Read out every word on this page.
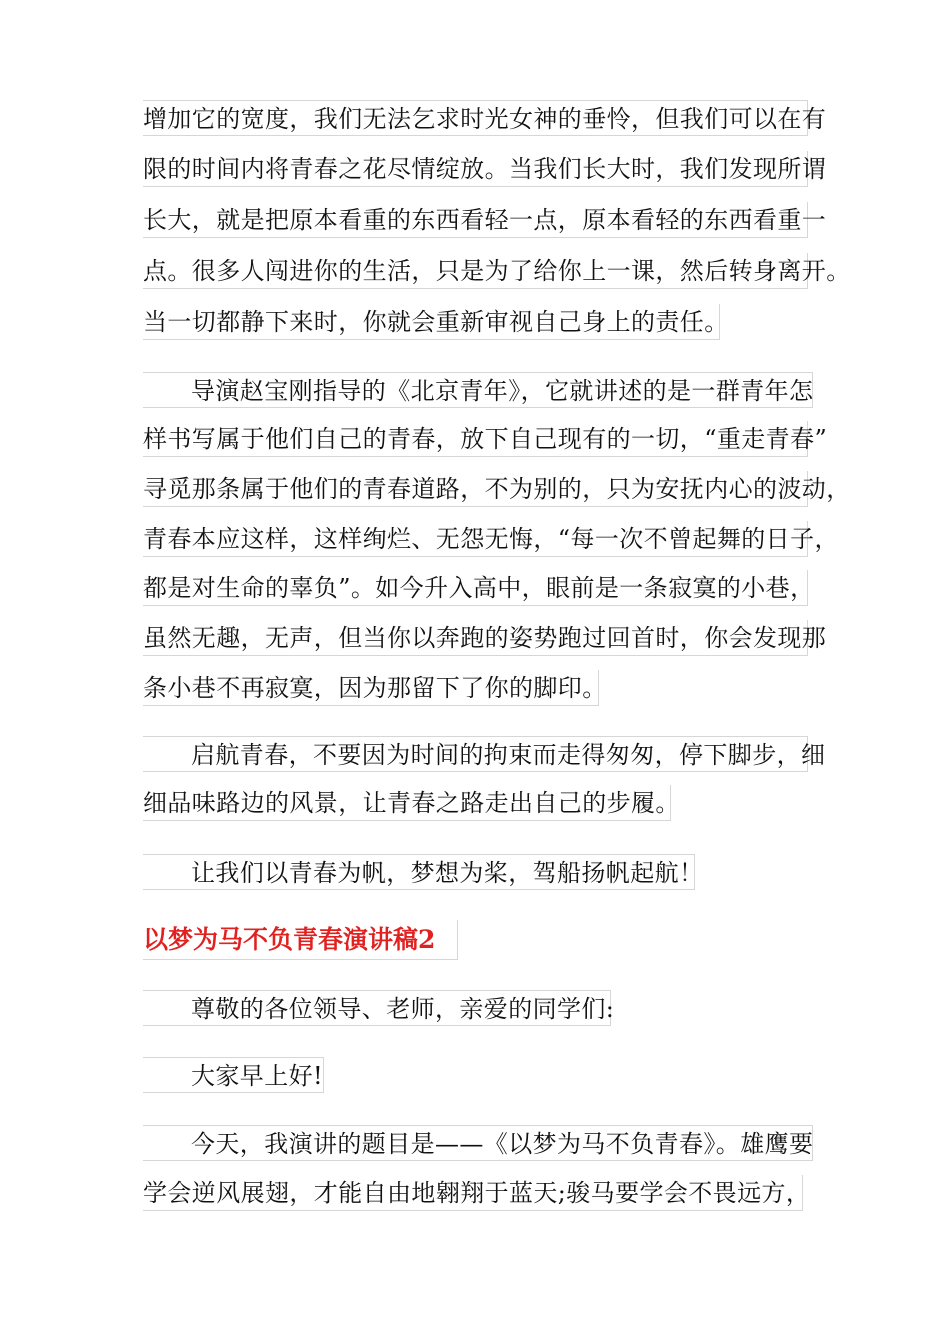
增加它的宽度，我们无法乞求时光女神的垂怜，但我们可以在有
限的时间内将青春之花尽情绽放。当我们长大时，我们发现所谓
长大，就是把原本看重的东西看轻一点，原本看轻的东西看重一
点。很多人闯进你的生活，只是为了给你上一课，然后转身离开。
当一切都静下来时，你就会重新审视自己身上的责任。
导演赵宝刚指导的《北京青年》，它就讲述的是一群青年怎
样书写属于他们自己的青春，放下自己现有的一切，“重走青春”
寻觅那条属于他们的青春道路，不为别的，只为安抚内心的波动，
青春本应这样，这样绚烂、无怨无悔，“每一次不曾起舞的日子，
都是对生命的辜负”。如今升入高中，眼前是一条寂寞的小巷，
虽然无趣，无声，但当你以奔跑的姿势跑过回首时，你会发现那
条小巷不再寂寞，因为那留下了你的脚印。
启航青春，不要因为时间的拘束而走得匆匆，停下脚步，细
细品味路边的风景，让青春之路走出自己的步履。
让我们以青春为帆，梦想为桨，驾船扬帆起航！
以梦为马不负青春演讲稿2
尊敬的各位领导、老师，亲爱的同学们:
大家早上好!
今天，我演讲的题目是——《以梦为马不负青春》。雄鹰要
学会逆风展翅，才能自由地翱翔于蓝天;骏马要学会不畏远方，
